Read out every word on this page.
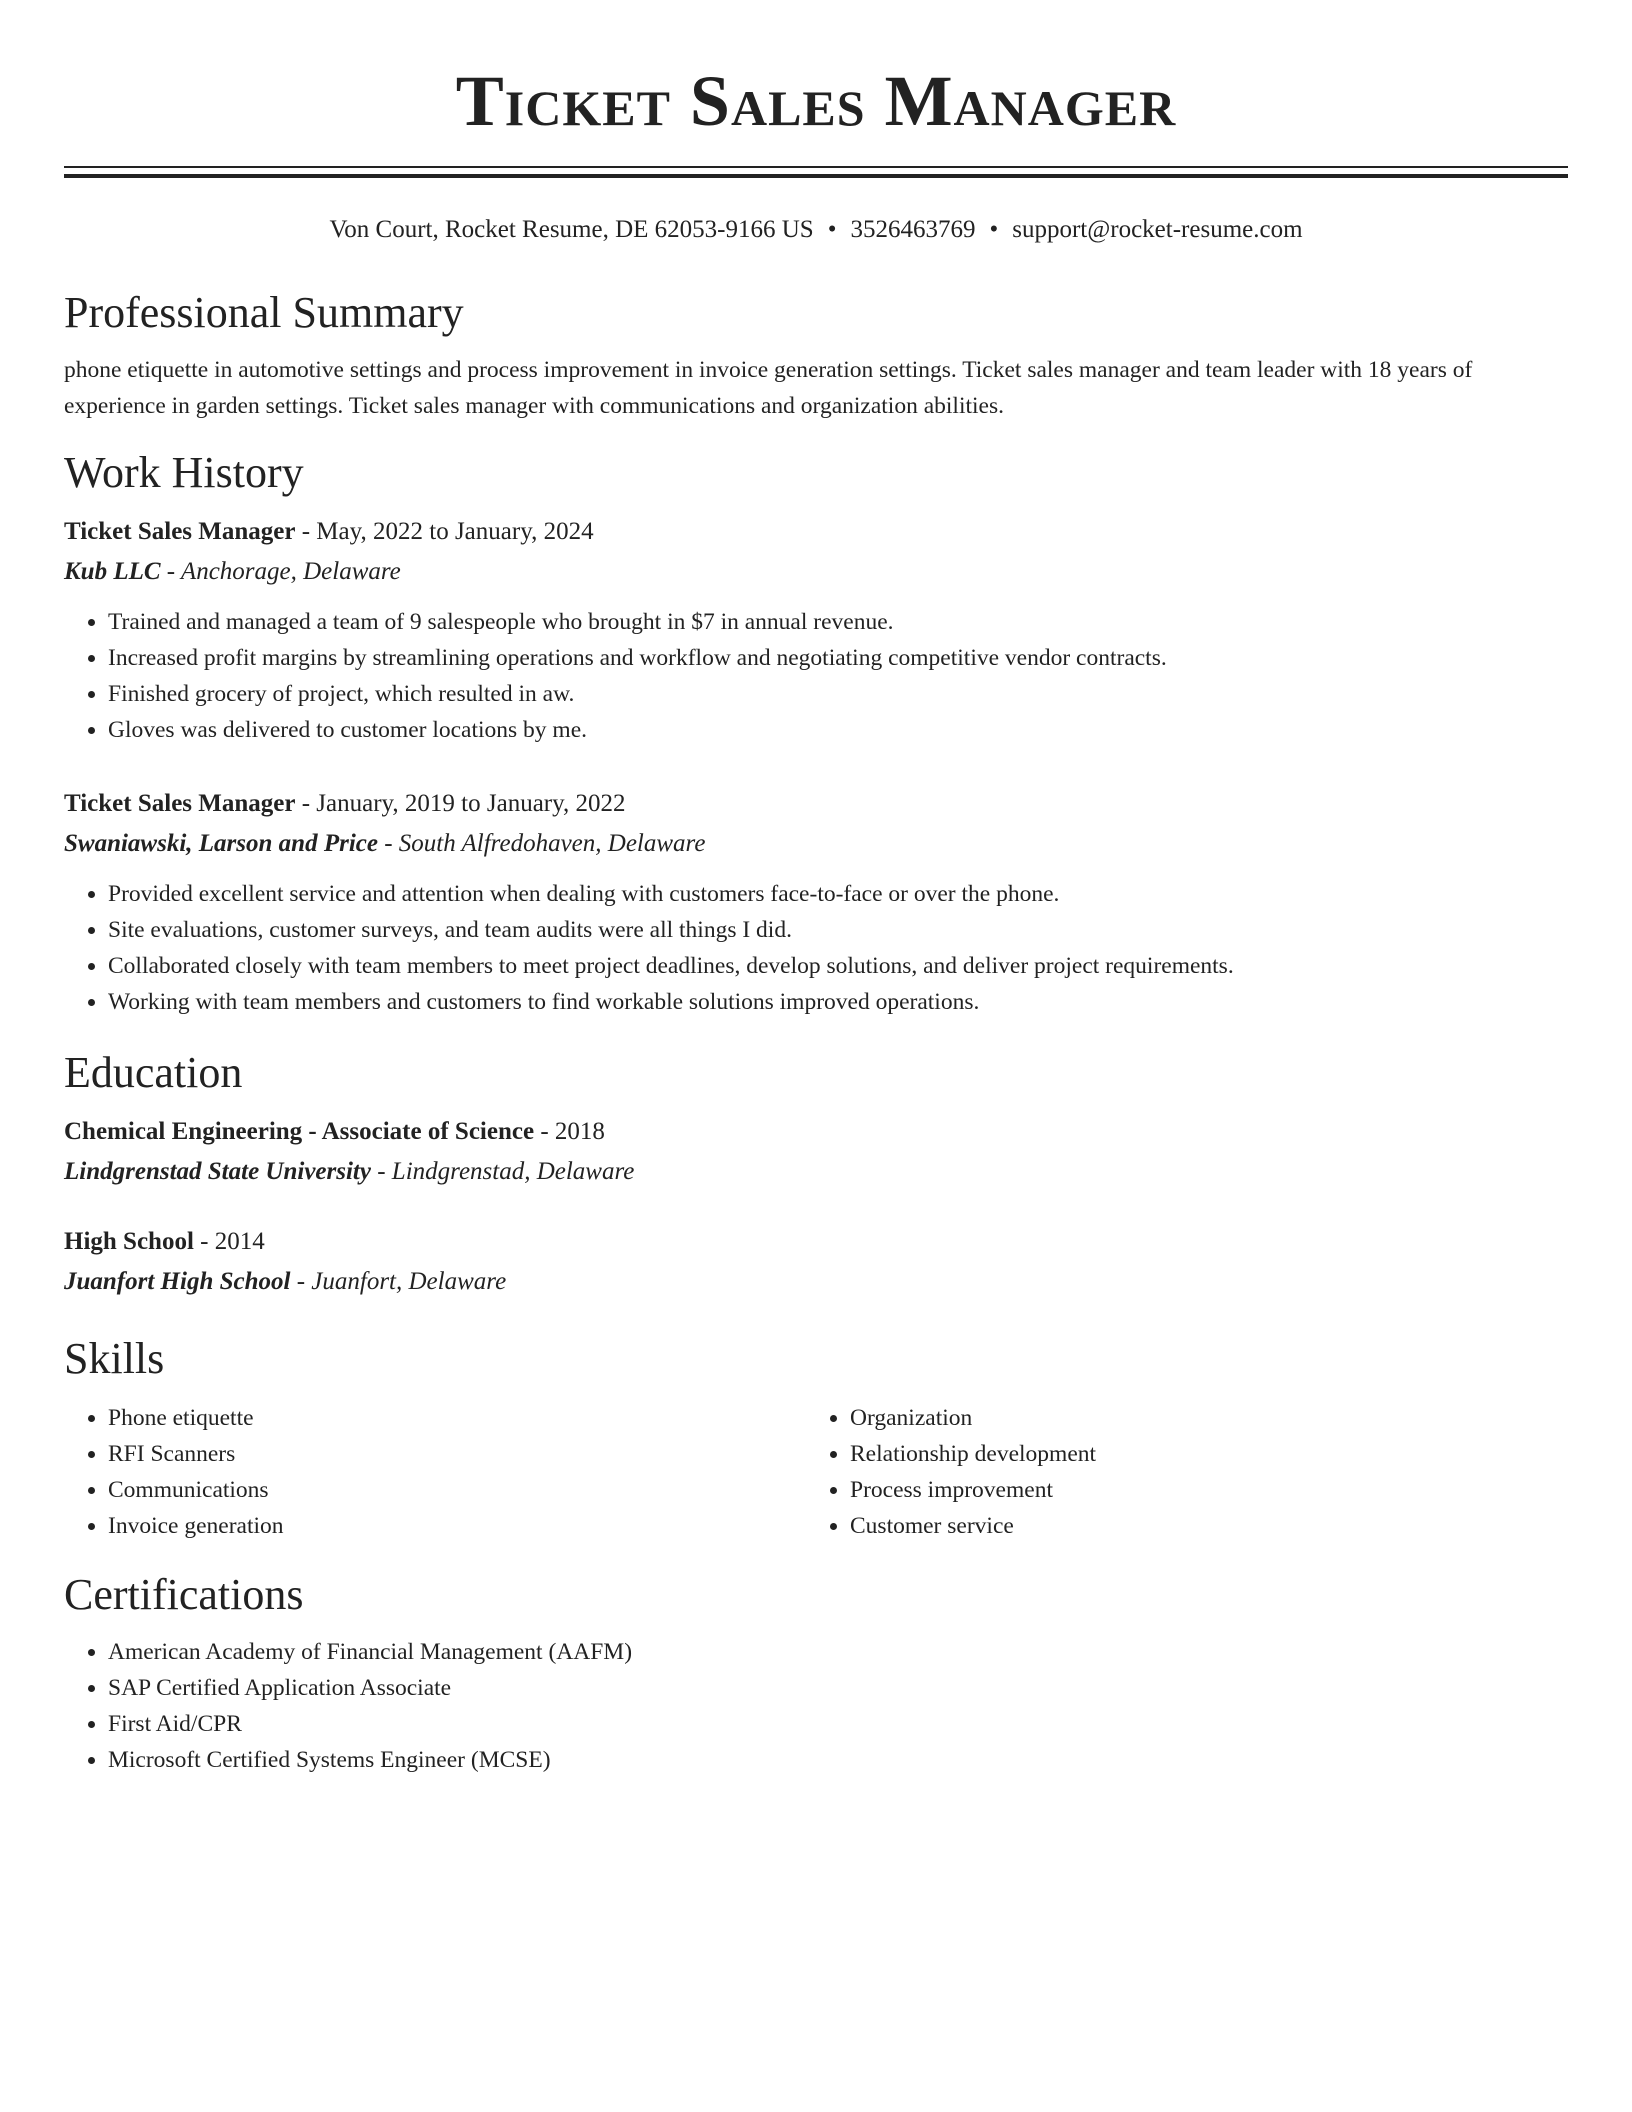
Ticket Sales Manager
Von Court, Rocket Resume, DE 62053-9166 US • 3526463769 • support@rocket-resume.com
Professional Summary
phone etiquette in automotive settings and process improvement in invoice generation settings. Ticket sales manager and team leader with 18 years of experience in garden settings. Ticket sales manager with communications and organization abilities.
Work History
Ticket Sales Manager - May, 2022 to January, 2024
Kub LLC - Anchorage, Delaware
• Trained and managed a team of 9 salespeople who brought in $7 in annual revenue.
• Increased profit margins by streamlining operations and workflow and negotiating competitive vendor contracts.
• Finished grocery of project, which resulted in aw.
• Gloves was delivered to customer locations by me.
Ticket Sales Manager - January, 2019 to January, 2022
Swaniawski, Larson and Price - South Alfredohaven, Delaware
• Provided excellent service and attention when dealing with customers face-to-face or over the phone.
• Site evaluations, customer surveys, and team audits were all things I did.
• Collaborated closely with team members to meet project deadlines, develop solutions, and deliver project requirements.
• Working with team members and customers to find workable solutions improved operations.
Education
Chemical Engineering - Associate of Science - 2018
Lindgrenstad State University - Lindgrenstad, Delaware
High School - 2014
Juanfort High School - Juanfort, Delaware
Skills
• Phone etiquette
• RFI Scanners
• Communications
• Invoice generation
• Organization
• Relationship development
• Process improvement
• Customer service
Certifications
• American Academy of Financial Management (AAFM)
• SAP Certified Application Associate
• First Aid/CPR
• Microsoft Certified Systems Engineer (MCSE)
